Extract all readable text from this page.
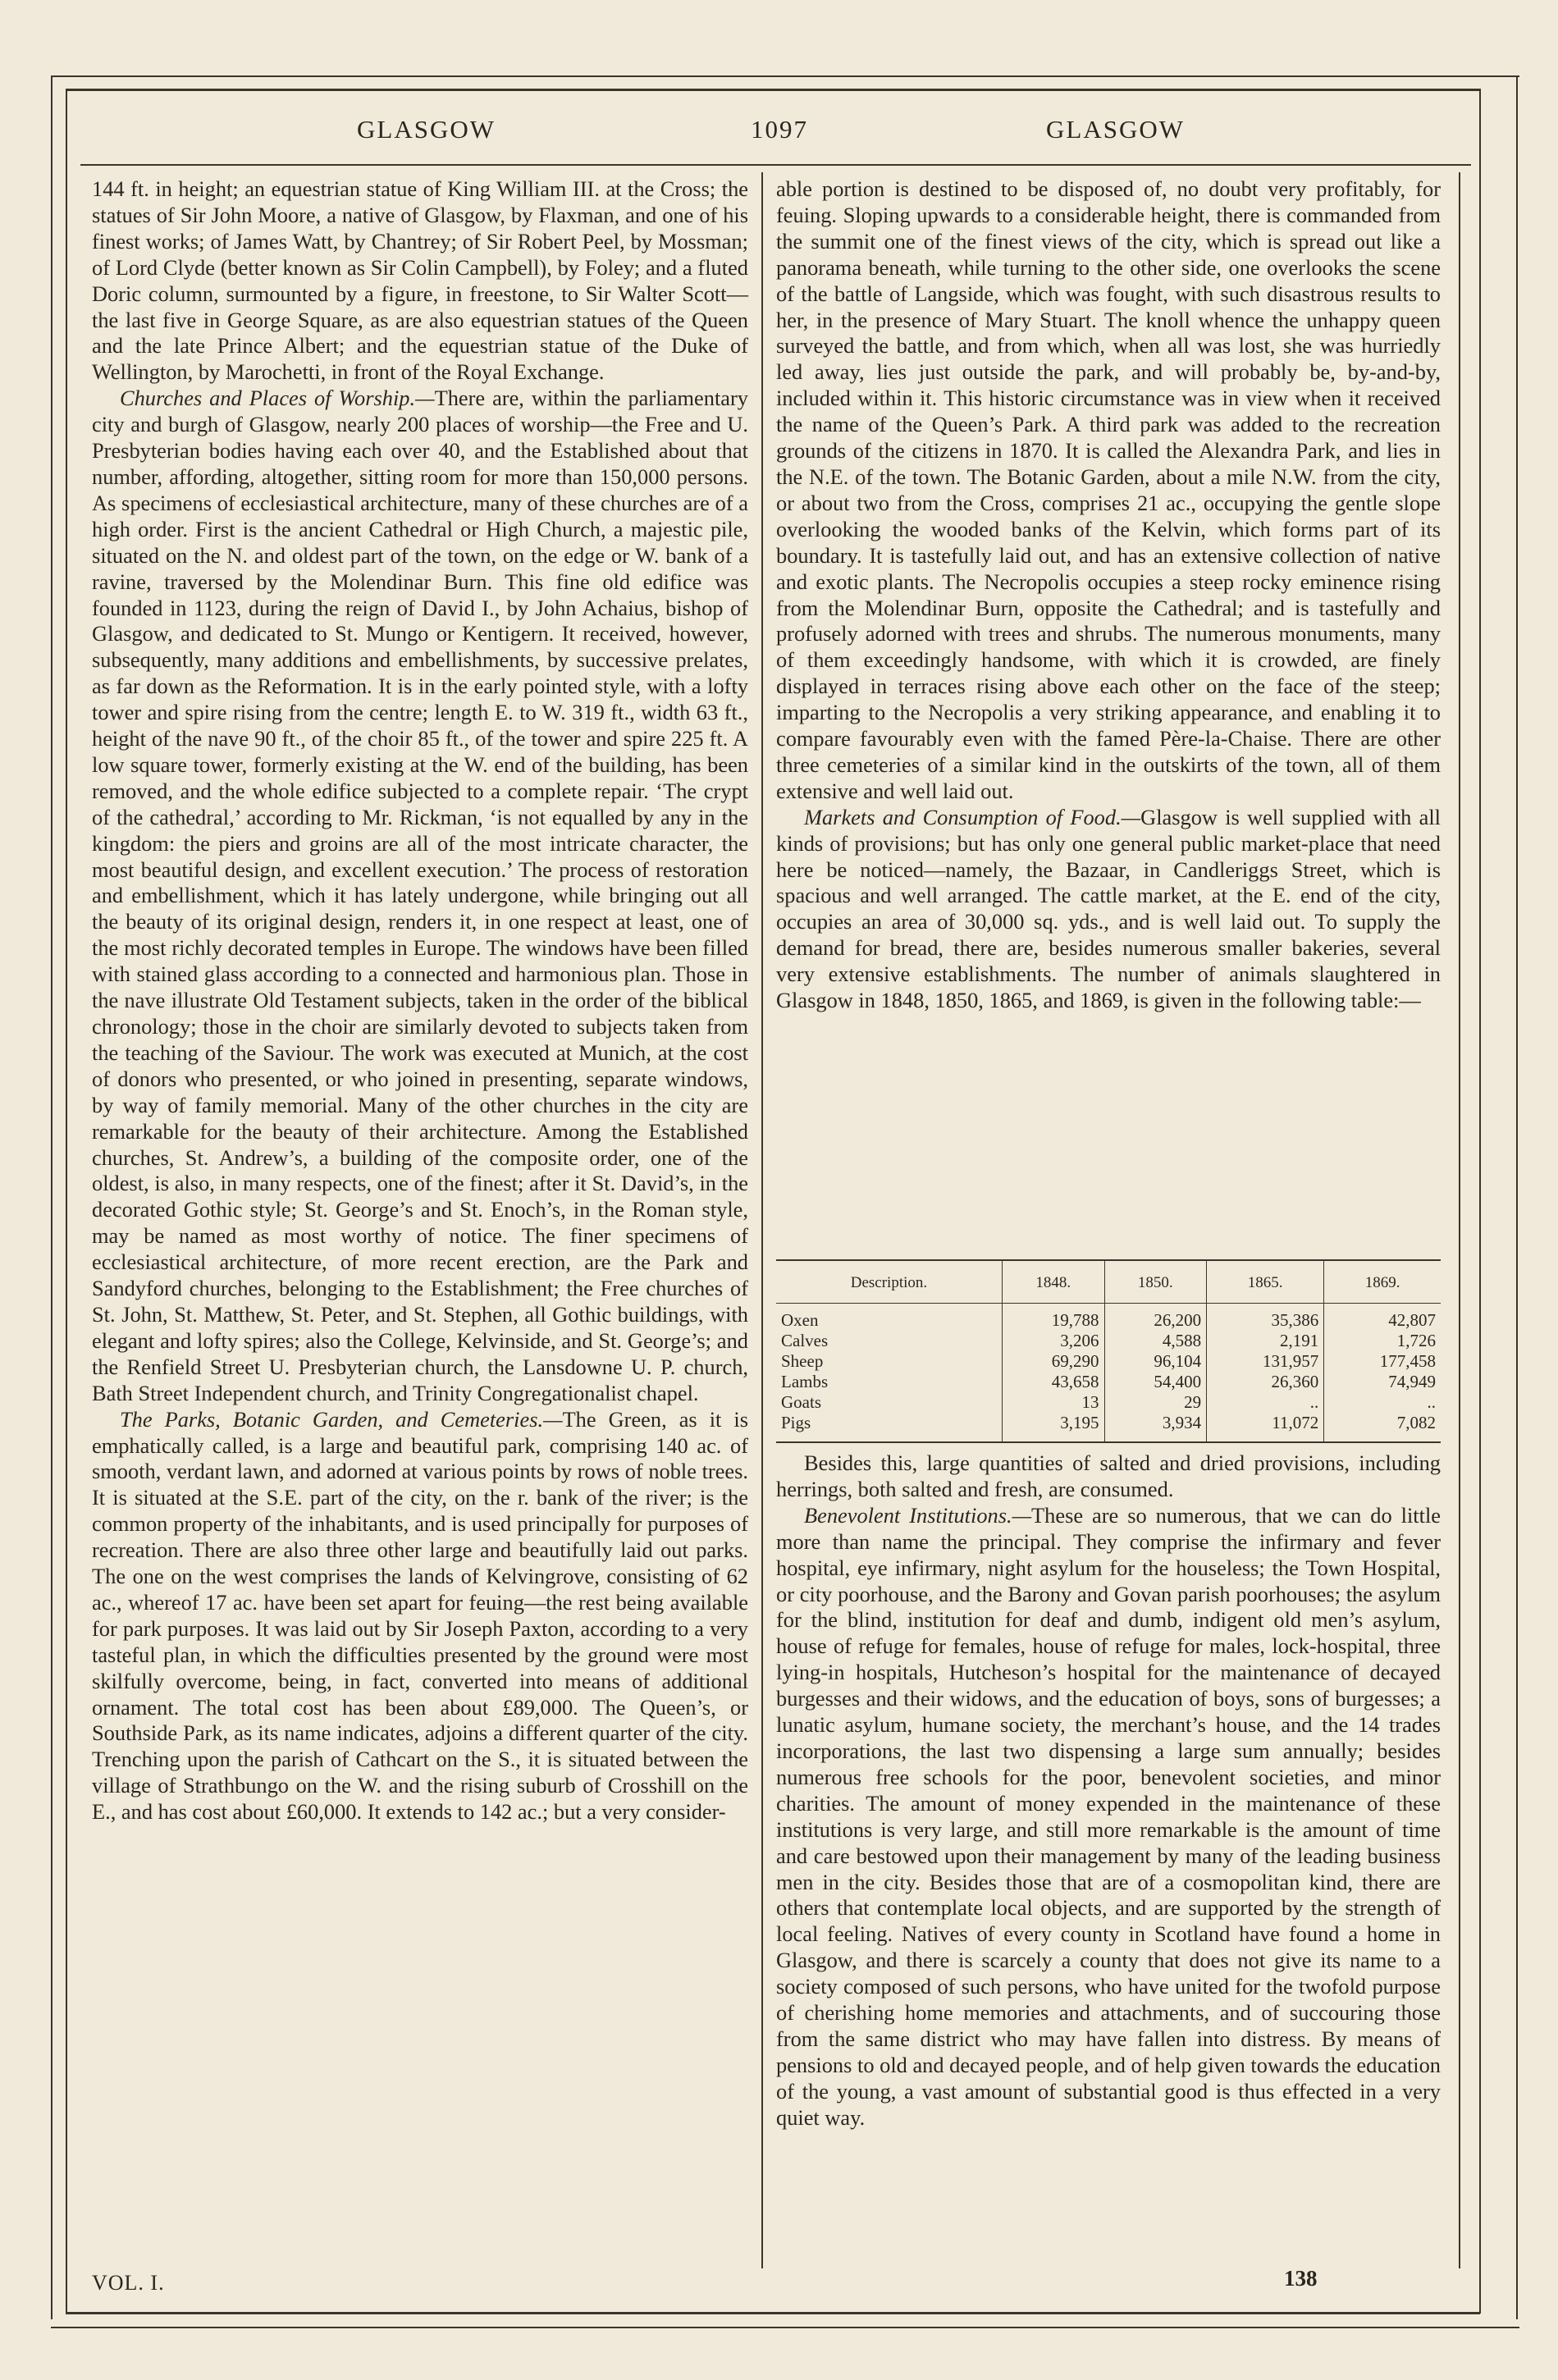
GLASGOW	1097	GLASGOW

144 ft. in height; an equestrian statue of King William III. at the Cross; the statues of Sir John Moore, a native of Glasgow, by Flaxman, and one of his finest works; of James Watt, by Chantrey; of Sir Robert Peel, by Mossman; of Lord Clyde (better known as Sir Colin Campbell), by Foley; and a fluted Doric column, surmounted by a figure, in freestone, to Sir Walter Scott—the last five in George Square, as are also equestrian statues of the Queen and the late Prince Albert; and the equestrian statue of the Duke of Wellington, by Marochetti, in front of the Royal Exchange.

Churches and Places of Worship.—There are, within the parliamentary city and burgh of Glasgow, nearly 200 places of worship—the Free and U. Presbyterian bodies having each over 40, and the Established about that number, affording, altogether, sitting room for more than 150,000 persons. As specimens of ecclesiastical architecture, many of these churches are of a high order. First is the ancient Cathedral or High Church, a majestic pile, situated on the N. and oldest part of the town, on the edge or W. bank of a ravine, traversed by the Molendinar Burn. This fine old edifice was founded in 1123, during the reign of David I., by John Achaius, bishop of Glasgow, and dedicated to St. Mungo or Kentigern. It received, however, subsequently, many additions and embellishments, by successive prelates, as far down as the Reformation. It is in the early pointed style, with a lofty tower and spire rising from the centre; length E. to W. 319 ft., width 63 ft., height of the nave 90 ft., of the choir 85 ft., of the tower and spire 225 ft. A low square tower, formerly existing at the W. end of the building, has been removed, and the whole edifice subjected to a complete repair. ‘The crypt of the cathedral,’ according to Mr. Rickman, ‘is not equalled by any in the kingdom: the piers and groins are all of the most intricate character, the most beautiful design, and excellent execution.’ The process of restoration and embellishment, which it has lately undergone, while bringing out all the beauty of its original design, renders it, in one respect at least, one of the most richly decorated temples in Europe. The windows have been filled with stained glass according to a connected and harmonious plan. Those in the nave illustrate Old Testament subjects, taken in the order of the biblical chronology; those in the choir are similarly devoted to subjects taken from the teaching of the Saviour. The work was executed at Munich, at the cost of donors who presented, or who joined in presenting, separate windows, by way of family memorial. Many of the other churches in the city are remarkable for the beauty of their architecture. Among the Established churches, St. Andrew’s, a building of the composite order, one of the oldest, is also, in many respects, one of the finest; after it St. David’s, in the decorated Gothic style; St. George’s and St. Enoch’s, in the Roman style, may be named as most worthy of notice. The finer specimens of ecclesiastical architecture, of more recent erection, are the Park and Sandyford churches, belonging to the Establishment; the Free churches of St. John, St. Matthew, St. Peter, and St. Stephen, all Gothic buildings, with elegant and lofty spires; also the College, Kelvinside, and St. George’s; and the Renfield Street U. Presbyterian church, the Lansdowne U. P. church, Bath Street Independent church, and Trinity Congregationalist chapel.

The Parks, Botanic Garden, and Cemeteries.—The Green, as it is emphatically called, is a large and beautiful park, comprising 140 ac. of smooth, verdant lawn, and adorned at various points by rows of noble trees. It is situated at the S.E. part of the city, on the r. bank of the river; is the common property of the inhabitants, and is used principally for purposes of recreation. There are also three other large and beautifully laid out parks. The one on the west comprises the lands of Kelvingrove, consisting of 62 ac., whereof 17 ac. have been set apart for feuing—the rest being available for park purposes. It was laid out by Sir Joseph Paxton, according to a very tasteful plan, in which the difficulties presented by the ground were most skilfully overcome, being, in fact, converted into means of additional ornament. The total cost has been about £89,000. The Queen’s, or Southside Park, as its name indicates, adjoins a different quarter of the city. Trenching upon the parish of Cathcart on the S., it is situated between the village of Strathbungo on the W. and the rising suburb of Crosshill on the E., and has cost about £60,000. It extends to 142 ac.; but a very consider-

able portion is destined to be disposed of, no doubt very profitably, for feuing. Sloping upwards to a considerable height, there is commanded from the summit one of the finest views of the city, which is spread out like a panorama beneath, while turning to the other side, one overlooks the scene of the battle of Langside, which was fought, with such disastrous results to her, in the presence of Mary Stuart. The knoll whence the unhappy queen surveyed the battle, and from which, when all was lost, she was hurriedly led away, lies just outside the park, and will probably be, by-and-by, included within it. This historic circumstance was in view when it received the name of the Queen’s Park. A third park was added to the recreation grounds of the citizens in 1870. It is called the Alexandra Park, and lies in the N.E. of the town. The Botanic Garden, about a mile N.W. from the city, or about two from the Cross, comprises 21 ac., occupying the gentle slope overlooking the wooded banks of the Kelvin, which forms part of its boundary. It is tastefully laid out, and has an extensive collection of native and exotic plants. The Necropolis occupies a steep rocky eminence rising from the Molendinar Burn, opposite the Cathedral; and is tastefully and profusely adorned with trees and shrubs. The numerous monuments, many of them exceedingly handsome, with which it is crowded, are finely displayed in terraces rising above each other on the face of the steep; imparting to the Necropolis a very striking appearance, and enabling it to compare favourably even with the famed Père-la-Chaise. There are other three cemeteries of a similar kind in the outskirts of the town, all of them extensive and well laid out.

Markets and Consumption of Food.—Glasgow is well supplied with all kinds of provisions; but has only one general public market-place that need here be noticed—namely, the Bazaar, in Candleriggs Street, which is spacious and well arranged. The cattle market, at the E. end of the city, occupies an area of 30,000 sq. yds., and is well laid out. To supply the demand for bread, there are, besides numerous smaller bakeries, several very extensive establishments. The number of animals slaughtered in Glasgow in 1848, 1850, 1865, and 1869, is given in the following table:—

Description.	1848.	1850.	1865.	1869.
Oxen	19,788	26,200	35,386	42,807
Calves	3,206	4,588	2,191	1,726
Sheep	69,290	96,104	131,957	177,458
Lambs	43,658	54,400	26,360	74,949
Goats	13	29	..	..
Pigs	3,195	3,934	11,072	7,082

Besides this, large quantities of salted and dried provisions, including herrings, both salted and fresh, are consumed.

Benevolent Institutions.—These are so numerous, that we can do little more than name the principal. They comprise the infirmary and fever hospital, eye infirmary, night asylum for the houseless; the Town Hospital, or city poorhouse, and the Barony and Govan parish poorhouses; the asylum for the blind, institution for deaf and dumb, indigent old men’s asylum, house of refuge for females, house of refuge for males, lock-hospital, three lying-in hospitals, Hutcheson’s hospital for the maintenance of decayed burgesses and their widows, and the education of boys, sons of burgesses; a lunatic asylum, humane society, the merchant’s house, and the 14 trades incorporations, the last two dispensing a large sum annually; besides numerous free schools for the poor, benevolent societies, and minor charities. The amount of money expended in the maintenance of these institutions is very large, and still more remarkable is the amount of time and care bestowed upon their management by many of the leading business men in the city. Besides those that are of a cosmopolitan kind, there are others that contemplate local objects, and are supported by the strength of local feeling. Natives of every county in Scotland have found a home in Glasgow, and there is scarcely a county that does not give its name to a society composed of such persons, who have united for the twofold purpose of cherishing home memories and attachments, and of succouring those from the same district who may have fallen into distress. By means of pensions to old and decayed people, and of help given towards the education of the young, a vast amount of substantial good is thus effected in a very quiet way.

VOL. I.	138
